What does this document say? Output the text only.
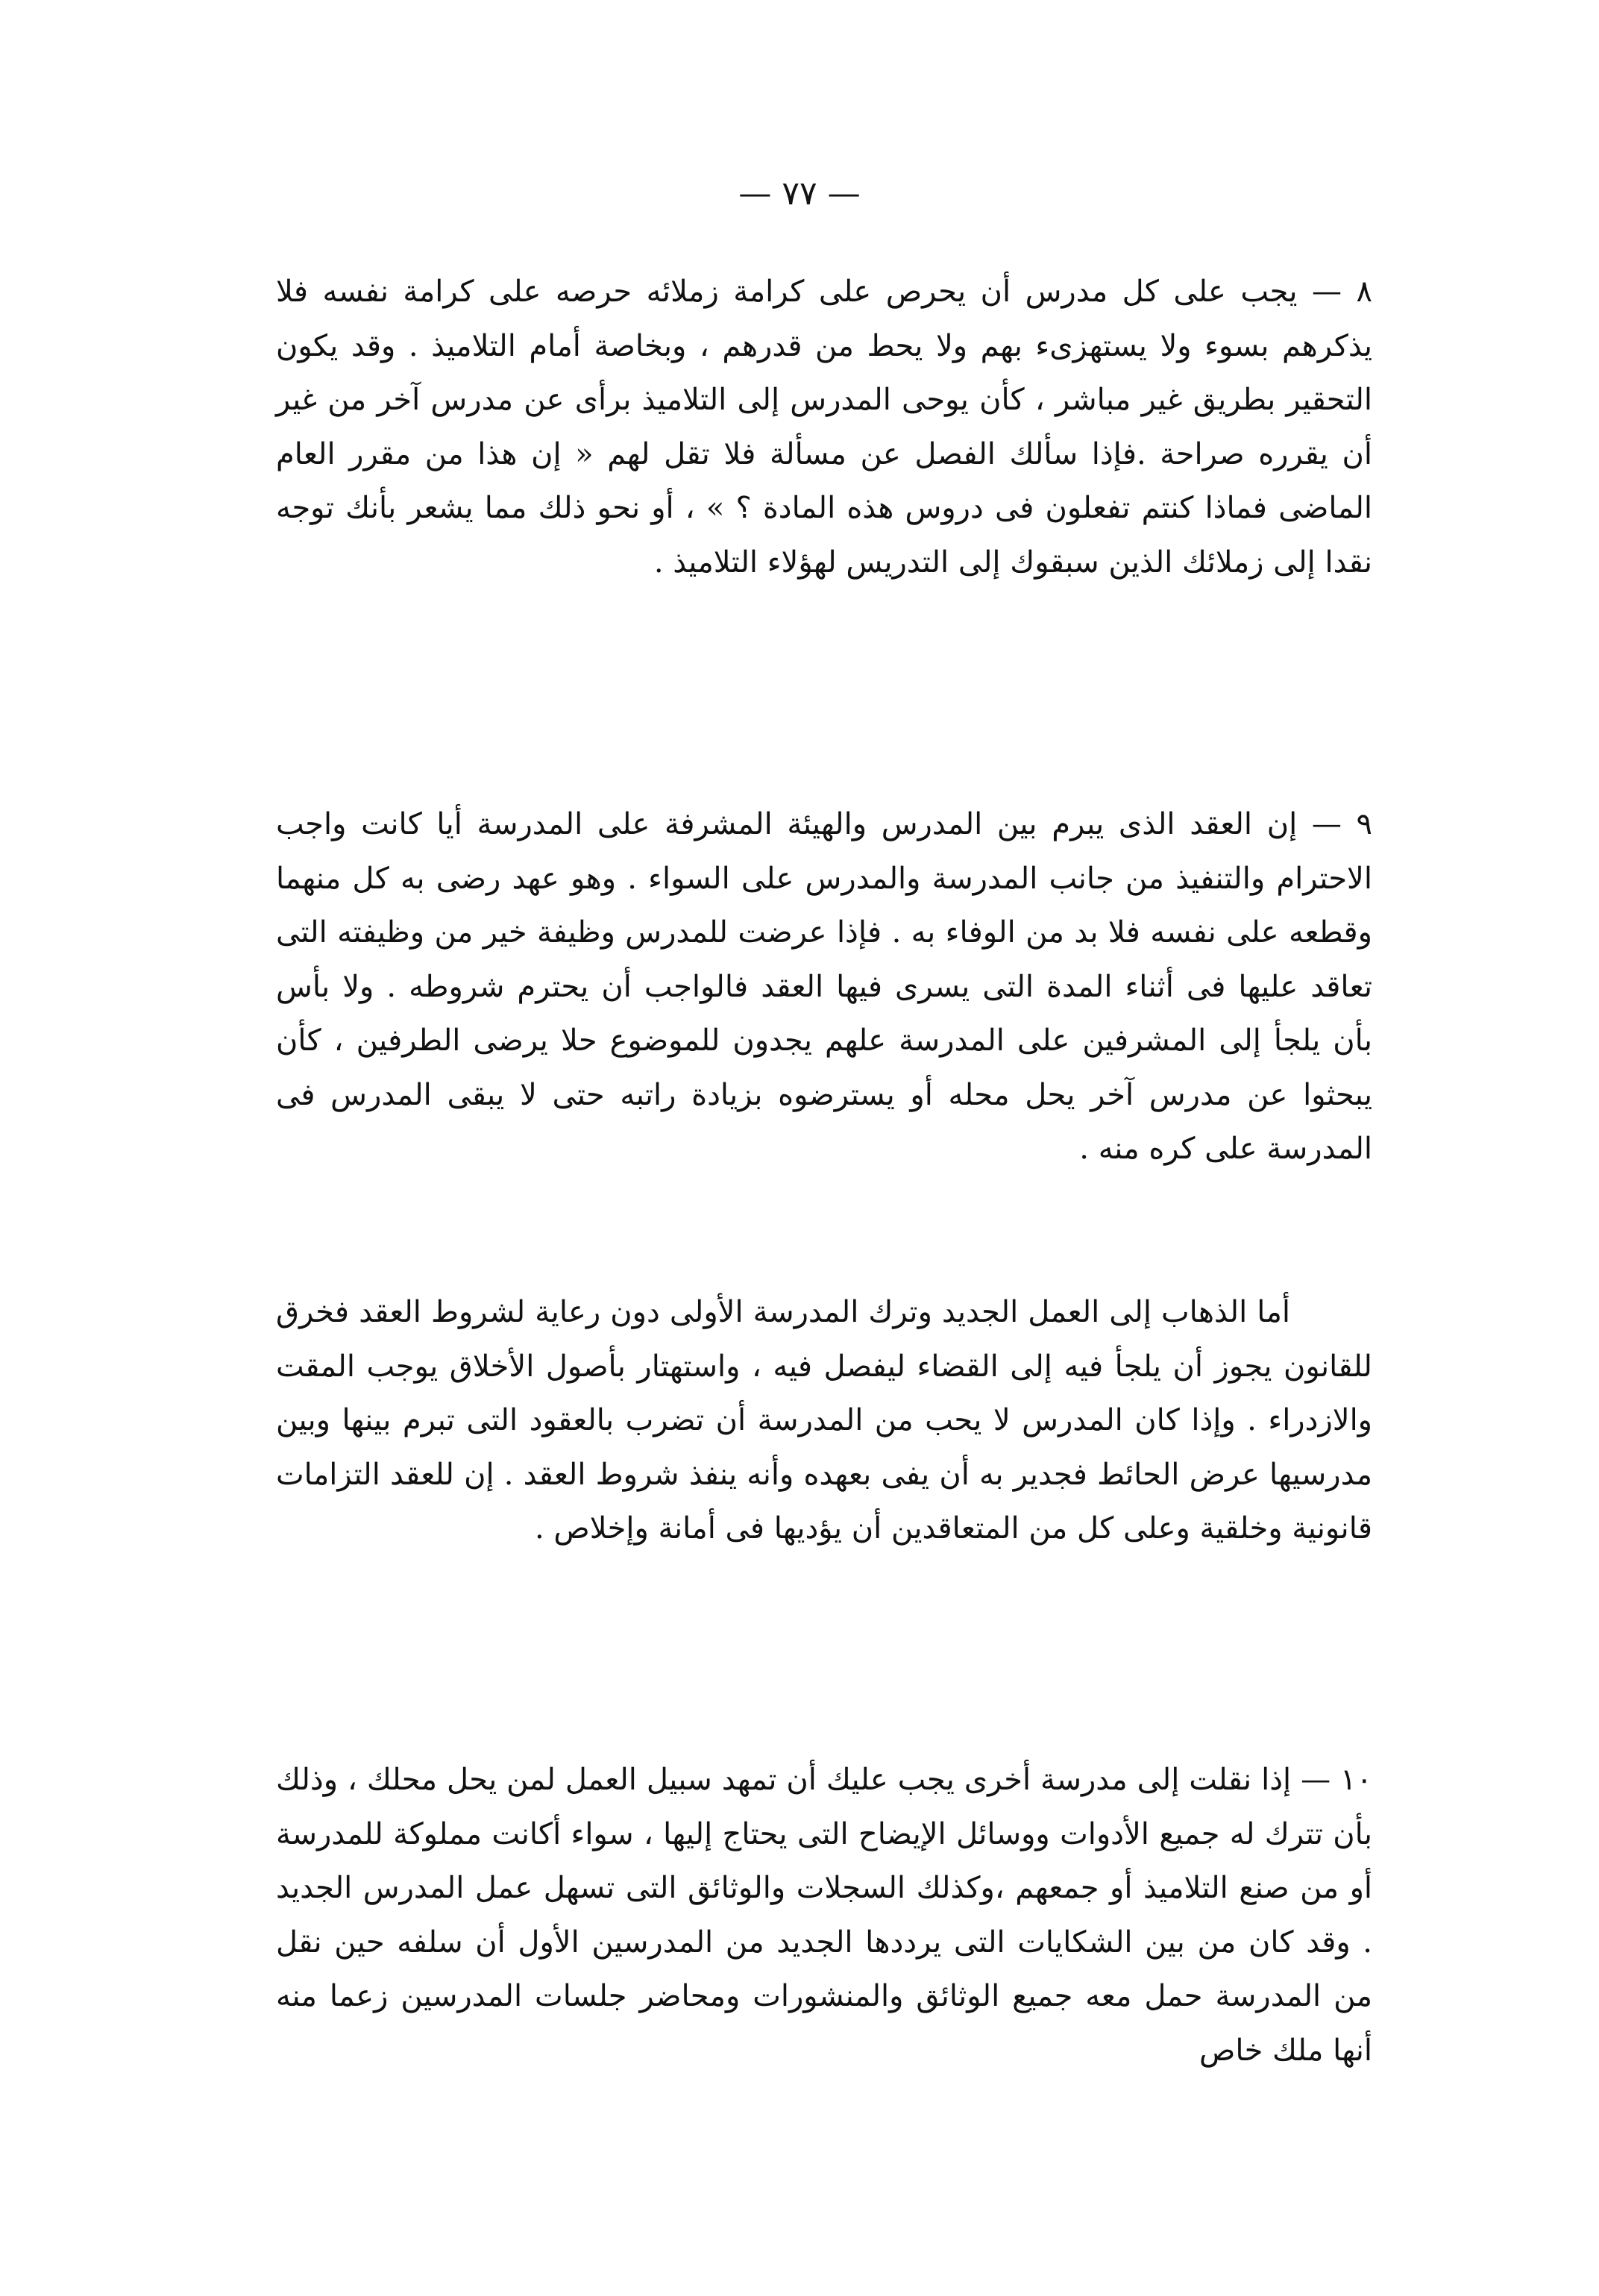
— ٧٧ —

٨ — يجب على كل مدرس أن يحرص على كرامة زملائه حرصه على كرامة نفسه فلا يذكرهم بسوء ولا يستهزىء بهم ولا يحط من قدرهم ، وبخاصة أمام التلاميذ . وقد يكون التحقير بطريق غير مباشر ، كأن يوحى المدرس إلى التلاميذ برأى عن مدرس آخر من غير أن يقرره صراحة .فإذا سألك الفصل عن مسألة فلا تقل لهم « إن هذا من مقرر العام الماضى فماذا كنتم تفعلون فى دروس هذه المادة ؟ » ، أو نحو ذلك مما يشعر بأنك توجه نقدا إلى زملائك الذين سبقوك إلى التدريس لهؤلاء التلاميذ .

٩ — إن العقد الذى يبرم بين المدرس والهيئة المشرفة على المدرسة أيا كانت واجب الاحترام والتنفيذ من جانب المدرسة والمدرس على السواء . وهو عهد رضى به كل منهما وقطعه على نفسه فلا بد من الوفاء به . فإذا عرضت للمدرس وظيفة خير من وظيفته التى تعاقد عليها فى أثناء المدة التى يسرى فيها العقد فالواجب أن يحترم شروطه . ولا بأس بأن يلجأ إلى المشرفين على المدرسة علهم يجدون للموضوع حلا يرضى الطرفين ، كأن يبحثوا عن مدرس آخر يحل محله أو يسترضوه بزيادة راتبه حتى لا يبقى المدرس فى المدرسة على كره منه .

أما الذهاب إلى العمل الجديد وترك المدرسة الأولى دون رعاية لشروط العقد فخرق للقانون يجوز أن يلجأ فيه إلى القضاء ليفصل فيه ، واستهتار بأصول الأخلاق يوجب المقت والازدراء . وإذا كان المدرس لا يحب من المدرسة أن تضرب بالعقود التى تبرم بينها وبين مدرسيها عرض الحائط فجدير به أن يفى بعهده وأنه ينفذ شروط العقد . إن للعقد التزامات قانونية وخلقية وعلى كل من المتعاقدين أن يؤديها فى أمانة وإخلاص .

١٠ — إذا نقلت إلى مدرسة أخرى يجب عليك أن تمهد سبيل العمل لمن يحل محلك ، وذلك بأن تترك له جميع الأدوات ووسائل الإيضاح التى يحتاج إليها ، سواء أكانت مملوكة للمدرسة أو من صنع التلاميذ أو جمعهم ،وكذلك السجلات والوثائق التى تسهل عمل المدرس الجديد . وقد كان من بين الشكايات التى يرددها الجديد من المدرسين الأول أن سلفه حين نقل من المدرسة حمل معه جميع الوثائق والمنشورات ومحاضر جلسات المدرسين زعما منه أنها ملك خاص
